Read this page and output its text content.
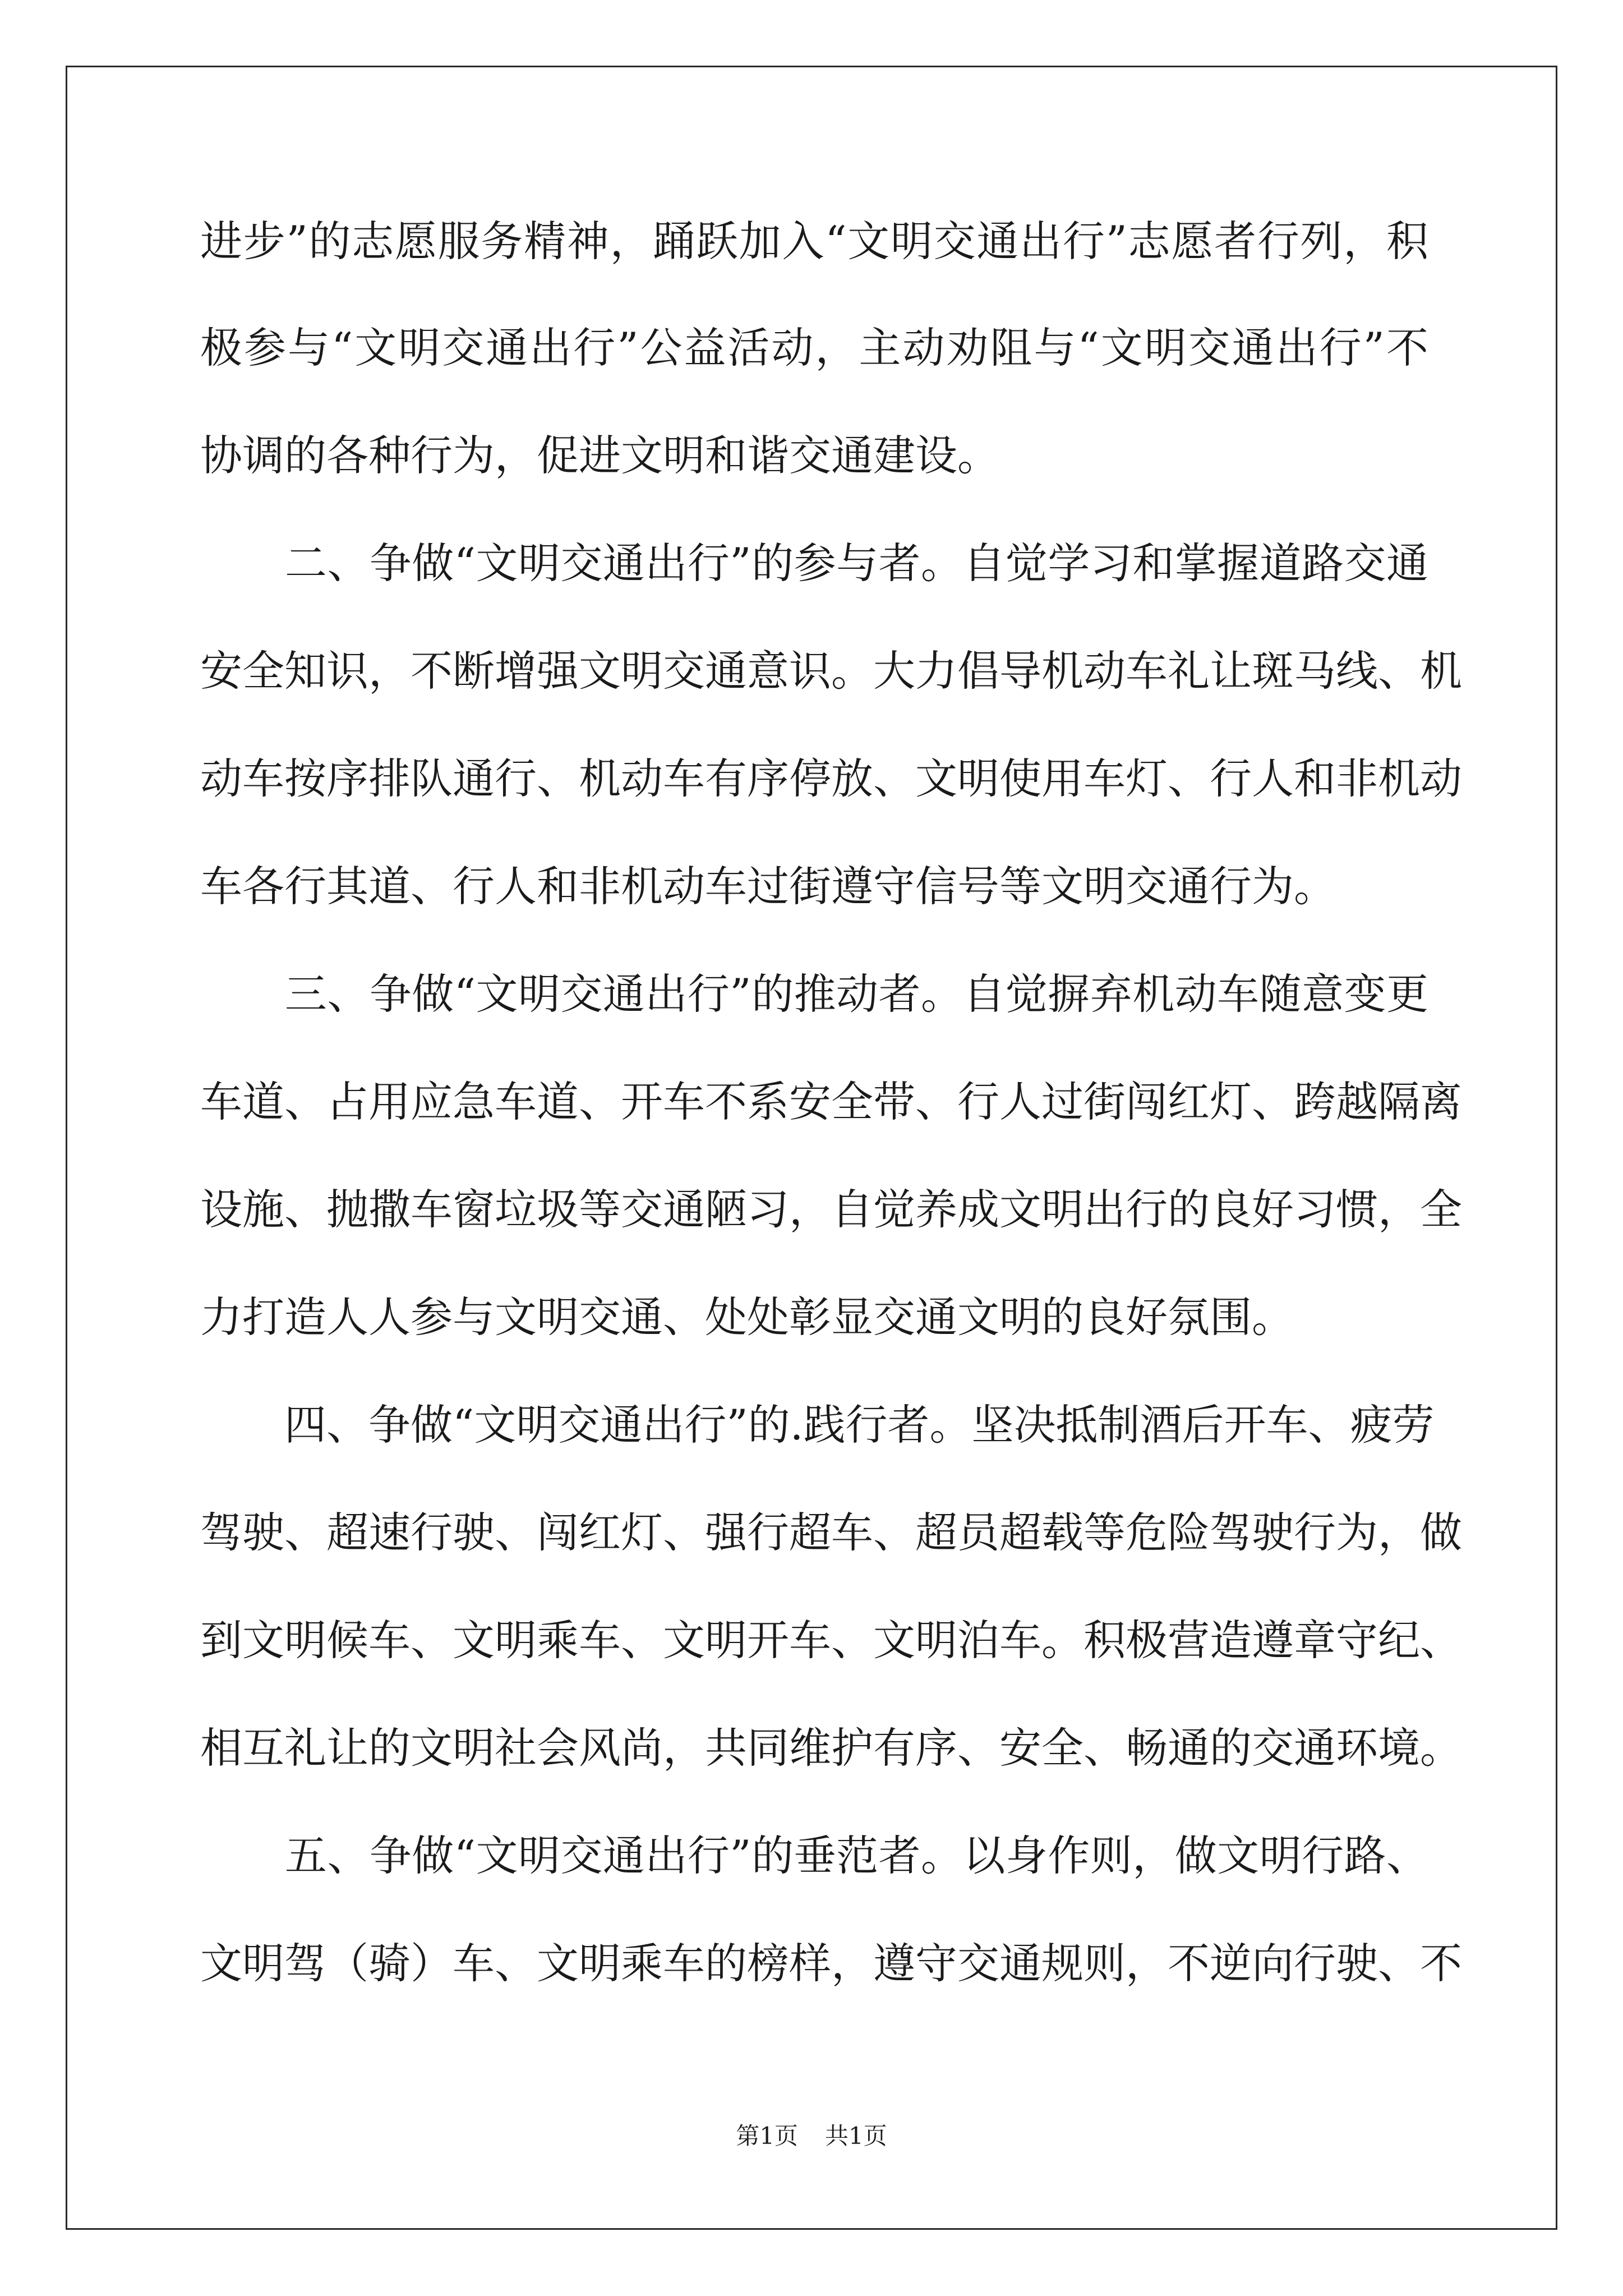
进步”的志愿服务精神，踊跃加入“文明交通出行”志愿者行列，积
极参与“文明交通出行”公益活动，主动劝阻与“文明交通出行”不
协调的各种行为，促进文明和谐交通建设。
　　二、争做“文明交通出行”的参与者。自觉学习和掌握道路交通
安全知识，不断增强文明交通意识。大力倡导机动车礼让斑马线、机
动车按序排队通行、机动车有序停放、文明使用车灯、行人和非机动
车各行其道、行人和非机动车过街遵守信号等文明交通行为。
　　三、争做“文明交通出行”的推动者。自觉摒弃机动车随意变更
车道、占用应急车道、开车不系安全带、行人过街闯红灯、跨越隔离
设施、抛撒车窗垃圾等交通陋习，自觉养成文明出行的良好习惯，全
力打造人人参与文明交通、处处彰显交通文明的良好氛围。
　　四、争做“文明交通出行”的.践行者。坚决抵制酒后开车、疲劳
驾驶、超速行驶、闯红灯、强行超车、超员超载等危险驾驶行为，做
到文明候车、文明乘车、文明开车、文明泊车。积极营造遵章守纪、
相互礼让的文明社会风尚，共同维护有序、安全、畅通的交通环境。
　　五、争做“文明交通出行”的垂范者。以身作则，做文明行路、
文明驾（骑）车、文明乘车的榜样，遵守交通规则，不逆向行驶、不
第1页 共1页
